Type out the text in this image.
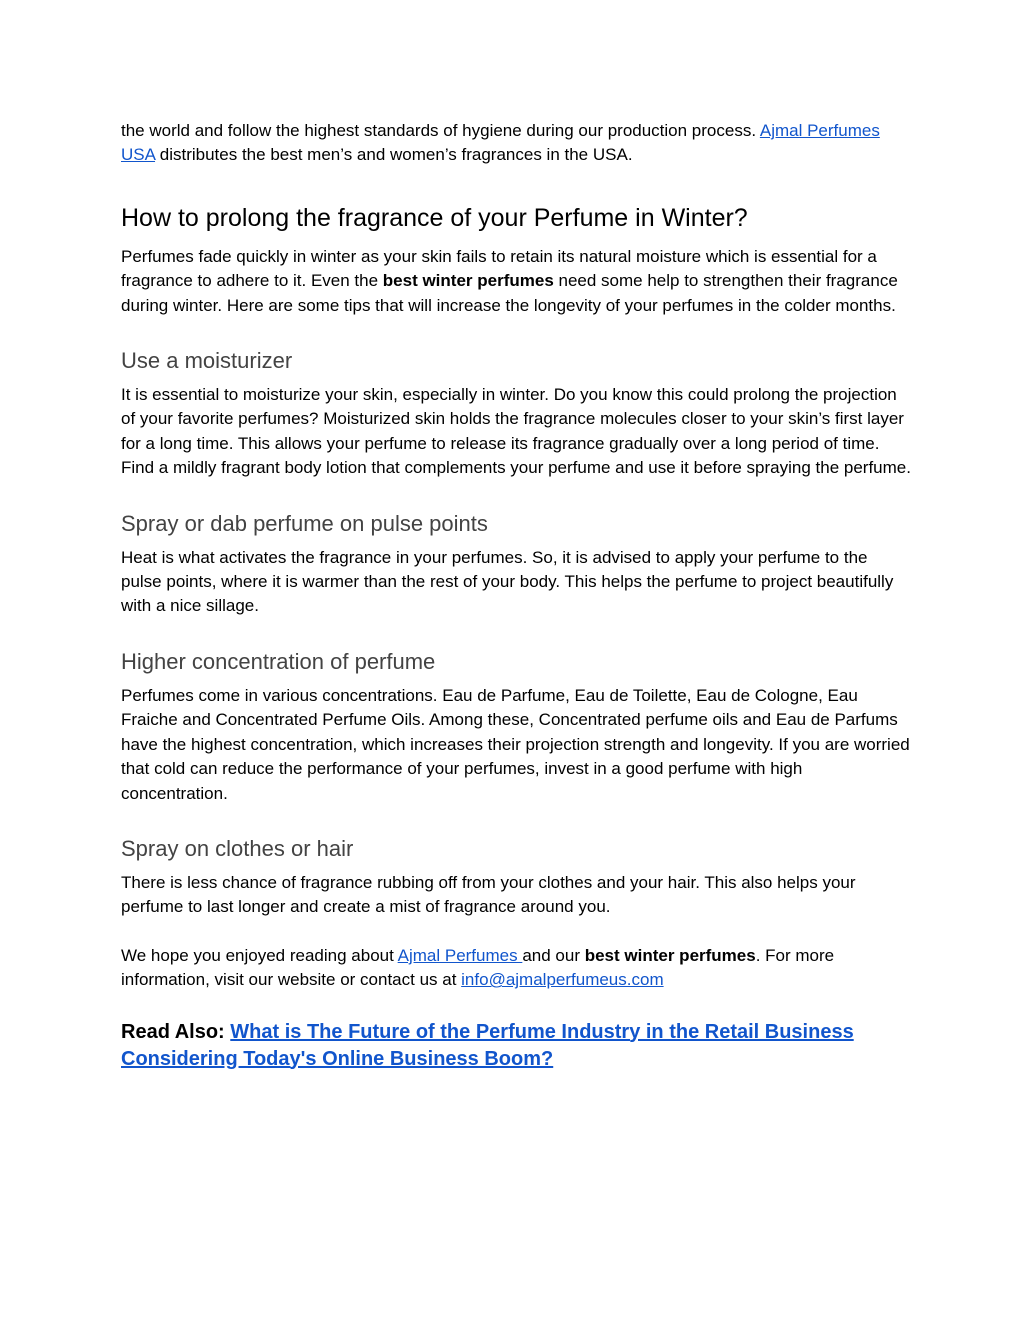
the world and follow the highest standards of hygiene during our production process. Ajmal Perfumes USA distributes the best men’s and women’s fragrances in the USA.

How to prolong the fragrance of your Perfume in Winter?

Perfumes fade quickly in winter as your skin fails to retain its natural moisture which is essential for a fragrance to adhere to it. Even the best winter perfumes need some help to strengthen their fragrance during winter. Here are some tips that will increase the longevity of your perfumes in the colder months.

Use a moisturizer

It is essential to moisturize your skin, especially in winter. Do you know this could prolong the projection of your favorite perfumes? Moisturized skin holds the fragrance molecules closer to your skin’s first layer for a long time. This allows your perfume to release its fragrance gradually over a long period of time. Find a mildly fragrant body lotion that complements your perfume and use it before spraying the perfume.

Spray or dab perfume on pulse points

Heat is what activates the fragrance in your perfumes. So, it is advised to apply your perfume to the pulse points, where it is warmer than the rest of your body. This helps the perfume to project beautifully with a nice sillage.

Higher concentration of perfume

Perfumes come in various concentrations. Eau de Parfume, Eau de Toilette, Eau de Cologne, Eau Fraiche and Concentrated Perfume Oils. Among these, Concentrated perfume oils and Eau de Parfums have the highest concentration, which increases their projection strength and longevity. If you are worried that cold can reduce the performance of your perfumes, invest in a good perfume with high concentration.

Spray on clothes or hair

There is less chance of fragrance rubbing off from your clothes and your hair. This also helps your perfume to last longer and create a mist of fragrance around you.

We hope you enjoyed reading about Ajmal Perfumes and our best winter perfumes. For more information, visit our website or contact us at info@ajmalperfumeus.com

Read Also: What is The Future of the Perfume Industry in the Retail Business Considering Today's Online Business Boom?
